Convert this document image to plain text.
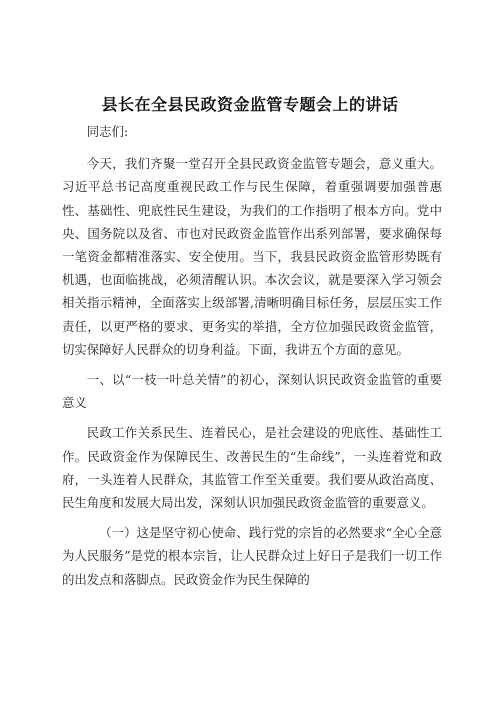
县长在全县民政资金监管专题会上的讲话

同志们:

今天，我们齐聚一堂召开全县民政资金监管专题会，意义重大。习近平总书记高度重视民政工作与民生保障，着重强调要加强普惠性、基础性、兜底性民生建设，为我们的工作指明了根本方向。党中央、国务院以及省、市也对民政资金监管作出系列部署，要求确保每一笔资金都精准落实、安全使用。当下，我县民政资金监管形势既有机遇，也面临挑战，必须清醒认识。本次会议，就是要深入学习领会相关指示精神，全面落实上级部署,清晰明确目标任务，层层压实工作责任，以更严格的要求、更务实的举措，全方位加强民政资金监管，切实保障好人民群众的切身利益。下面，我讲五个方面的意见。

一、以“一枝一叶总关情”的初心，深刻认识民政资金监管的重要意义

民政工作关系民生、连着民心，是社会建设的兜底性、基础性工作。民政资金作为保障民生、改善民生的“生命线”，一头连着党和政府，一头连着人民群众，其监管工作至关重要。我们要从政治高度、民生角度和发展大局出发，深刻认识加强民政资金监管的重要意义。

（一）这是坚守初心使命、践行党的宗旨的必然要求“全心全意为人民服务”是党的根本宗旨，让人民群众过上好日子是我们一切工作的出发点和落脚点。民政资金作为民生保障的
